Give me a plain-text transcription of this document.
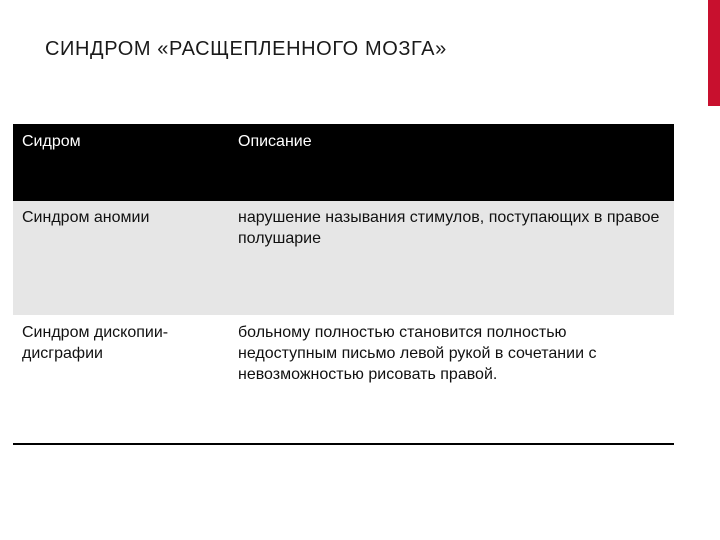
СИНДРОМ «РАСЩЕПЛЕННОГО МОЗГА»
Сидром	Описание
Синдром аномии	нарушение называния стимулов, поступающих в правое полушарие
Синдром дископии-дисграфии	больному полностью становится полностью недоступным письмо левой рукой в сочетании с невозможностью рисовать правой.
